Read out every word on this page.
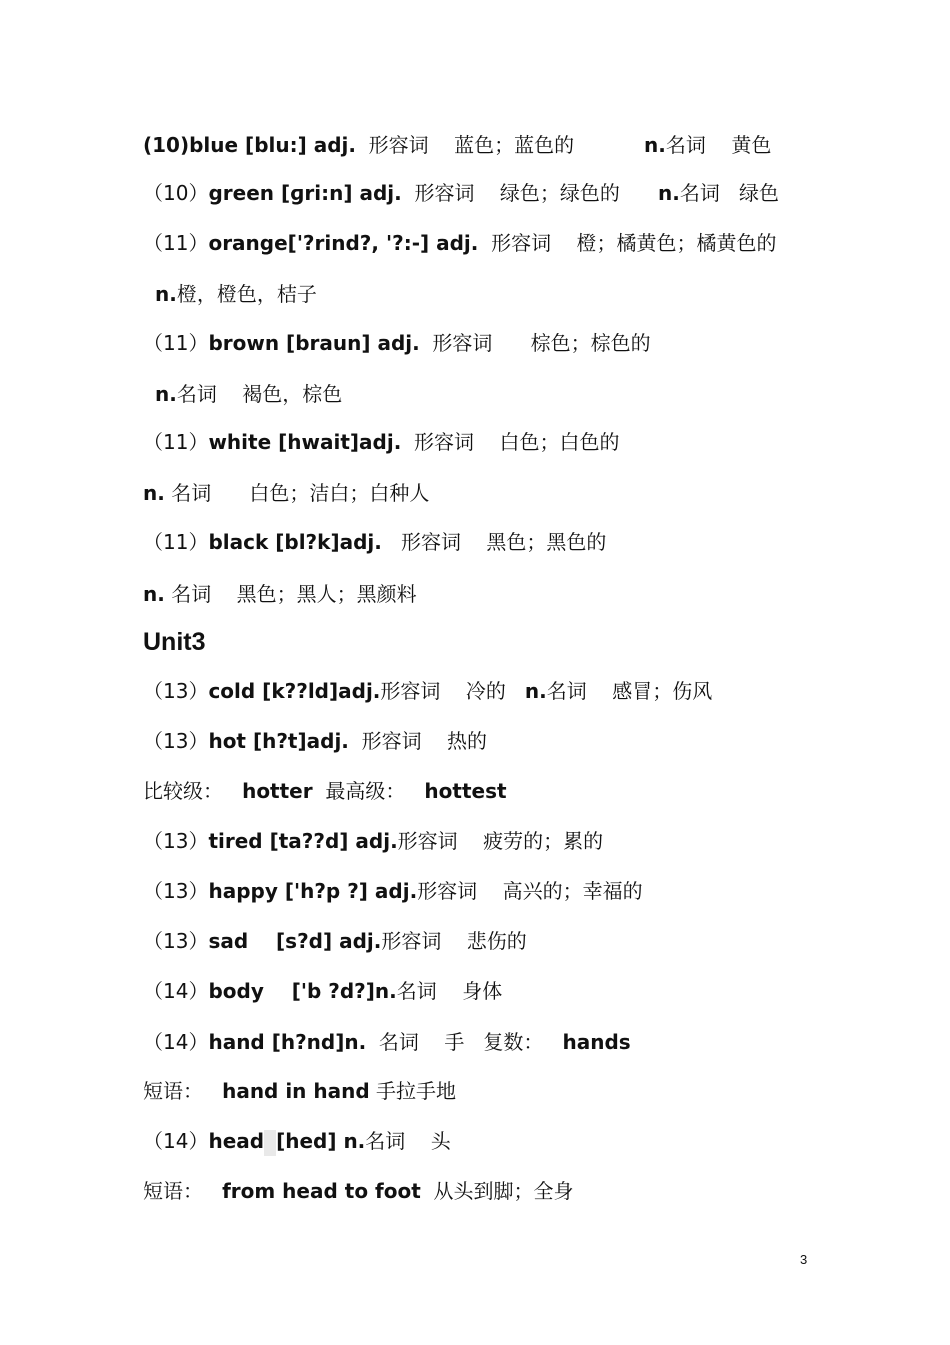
(10)blue [blu:] adj.  形容词    蓝色；蓝色的           n.名词    黄色
（10）green [ɡri:n] adj.  形容词    绿色；绿色的      n.名词   绿色
（11）orange['?rind?, '?:-] adj.  形容词    橙；橘黄色；橘黄色的
n.橙，橙色，桔子
（11）brown [braun] adj.  形容词      棕色；棕色的
n.名词    褐色，棕色
（11）white [hwait]adj.  形容词    白色；白色的
n. 名词      白色；洁白；白种人
（11）black [bl?k]adj.   形容词    黑色；黑色的
n. 名词    黑色；黑人；黑颜料
（13）cold [k??ld]adj.形容词    冷的   n.名词    感冒；伤风
（13）hot [h?t]adj.  形容词    热的
比较级：   hotter  最高级：   hottest
（13）tired [ta??d] adj.形容词    疲劳的；累的
（13）happy ['h?p ?] adj.形容词    高兴的；幸福的
（13）sad    [s?d] adj.形容词    悲伤的
（14）body    ['b ?d?]n.名词    身体
（14）hand [h?nd]n.  名词    手   复数：   hands
短语：   hand in hand 手拉手地
（14）head [hed] n.名词    头
短语：   from head to foot  从头到脚；全身
Unit3
3
